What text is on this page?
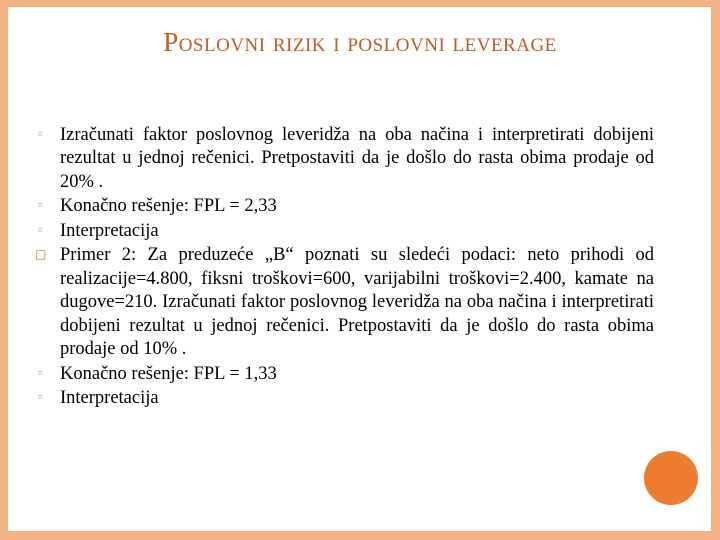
Poslovni rizik i poslovni leverage
◦ Izračunati faktor poslovnog leveridža na oba načina i interpretirati dobijeni rezultat u jednoj rečenici. Pretpostaviti da je došlo do rasta obima prodaje od 20% .
◦ Konačno rešenje: FPL = 2,33
◦ Interpretacija
□ Primer 2: Za preduzeće „B“ poznati su sledeći podaci: neto prihodi od realizacije=4.800, fiksni troškovi=600, varijabilni troškovi=2.400, kamate na dugove=210. Izračunati faktor poslovnog leveridža na oba načina i interpretirati dobijeni rezultat u jednoj rečenici. Pretpostaviti da je došlo do rasta obima prodaje od 10% .
◦ Konačno rešenje: FPL = 1,33
◦ Interpretacija
